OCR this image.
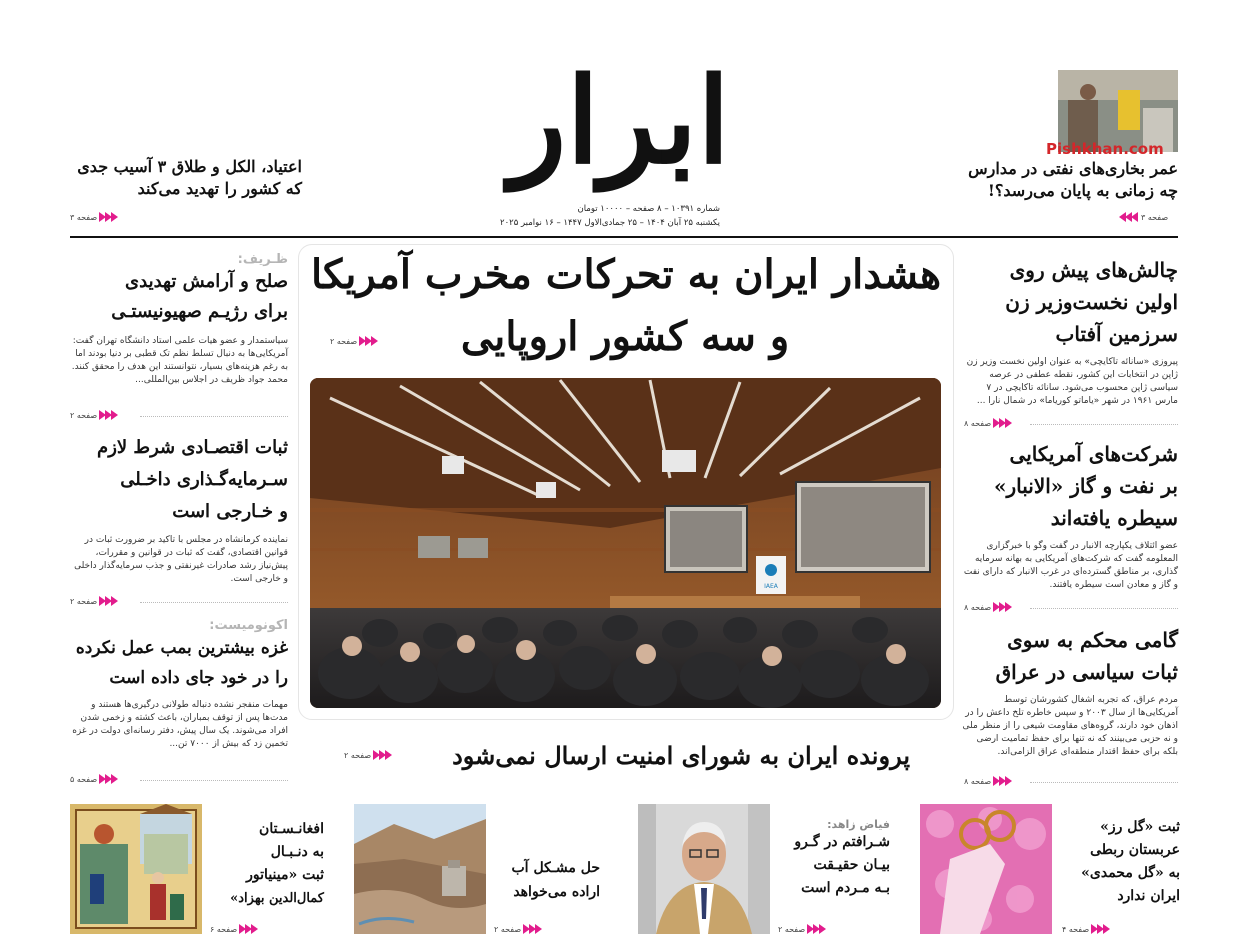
Pishkhan.com
عمر بخاری‌های نفتی در مدارس
چه زمانی به پایان می‌رسد؟!
صفحه ۳
ابرار
شماره ۱۰۳۹۱ – ۸ صفحه – ۱۰۰۰۰ تومان
یکشنبه ۲۵ آبان ۱۴۰۴ – ۲۵ جمادی‌الاول ۱۴۴۷ – ۱۶ نوامبر ۲۰۲۵
اعتیاد، الکل و طلاق ۳ آسیب جدی
که کشور را تهدید می‌کند
صفحه ۳
هشدار ایران به تحرکات مخرب آمریکا
و سه کشور اروپایی
صفحه ۲
IAEA
پرونده ایران به شورای امنیت ارسال نمی‌شود
صفحه ۲
چالش‌های پیش روی
اولین نخست‌وزیر زن
سرزمین آفتاب
پیروزی «سانائه تاکایچی» به عنوان اولین نخست وزیر زن ژاپن در انتخابات این کشور، نقطه عطفی در عرصه سیاسی ژاپن محسوب می‌شود. سانائه تاکایچی در ۷ مارس ۱۹۶۱ در شهر «یاماتو کوریاما» در شمال نارا ...
صفحه ۸
شرکت‌های آمریکایی
بر نفت و گاز «الانبار»
سیطره یافته‌اند
عضو ائتلاف یکپارچه الانبار در گفت وگو با خبرگزاری المعلومه گفت که شرکت‌های آمریکایی به بهانه سرمایه گذاری، بر مناطق گسترده‌ای در غرب الانبار که دارای نفت و گاز و معادن است سیطره یافتند.
صفحه ۸
گامی محکم به سوی
ثبات سیاسی در عراق
مردم عراق، که تجربه اشغال کشورشان توسط آمریکایی‌ها از سال ۲۰۰۳ و سپس خاطره تلخ داعش را در اذهان خود دارند، گروه‌های مقاومت شیعی را از منظر ملی و نه حزبی می‌بینند که نه تنها برای حفظ تمامیت ارضی بلکه برای حفظ اقتدار منطقه‌ای عراق الزامی‌اند.
صفحه ۸
ظـریف:
صلح و آرامش تهدیدی
برای رژیـم صهیونیستـی
سیاستمدار و عضو هیات علمی استاد دانشگاه تهران گفت: آمریکایی‌ها به دنبال تسلط نظم تک قطبی بر دنیا بودند اما به رغم هزینه‌های بسیار، نتوانستند این هدف را محقق کنند. محمد جواد ظریف در اجلاس بین‌المللی...
صفحه ۲
ثبات اقتصـادی شرط لازم
سـرمایه‌گـذاری داخـلی
و خـارجی است
نماینده کرمانشاه در مجلس با تاکید بر ضرورت ثبات در قوانین اقتصادی، گفت که ثبات در قوانین و مقررات، پیش‌نیاز رشد صادرات غیرنفتی و جذب سرمایه‌گذار داخلی و خارجی است.
صفحه ۲
اکونومیست:
غزه بیشترین بمب عمل نکرده
را در خود جای داده است
مهمات منفجر نشده دنباله طولانی درگیری‌ها هستند و مدت‌ها پس از توقف بمباران، باعث کشته و زخمی شدن افراد می‌شوند. یک سال پیش، دفتر رسانه‌ای دولت در غزه تخمین زد که بیش از ۷۰۰۰ تن...
صفحه ۵
ثبت «گل رز»
عربستان ربطی
به «گل محمدی»
ایران ندارد
صفحه ۴
فیاض زاهد:
شـرافتم در گـرو
بیـان حقیـقت
بـه مـردم است
صفحه ۲
حل مشـکل آب
اراده می‌خواهد
صفحه ۲
افغانـسـتان
به دنـبـال
ثبت «مینیاتور
کمال‌الدین بهزاد»
صفحه ۶
